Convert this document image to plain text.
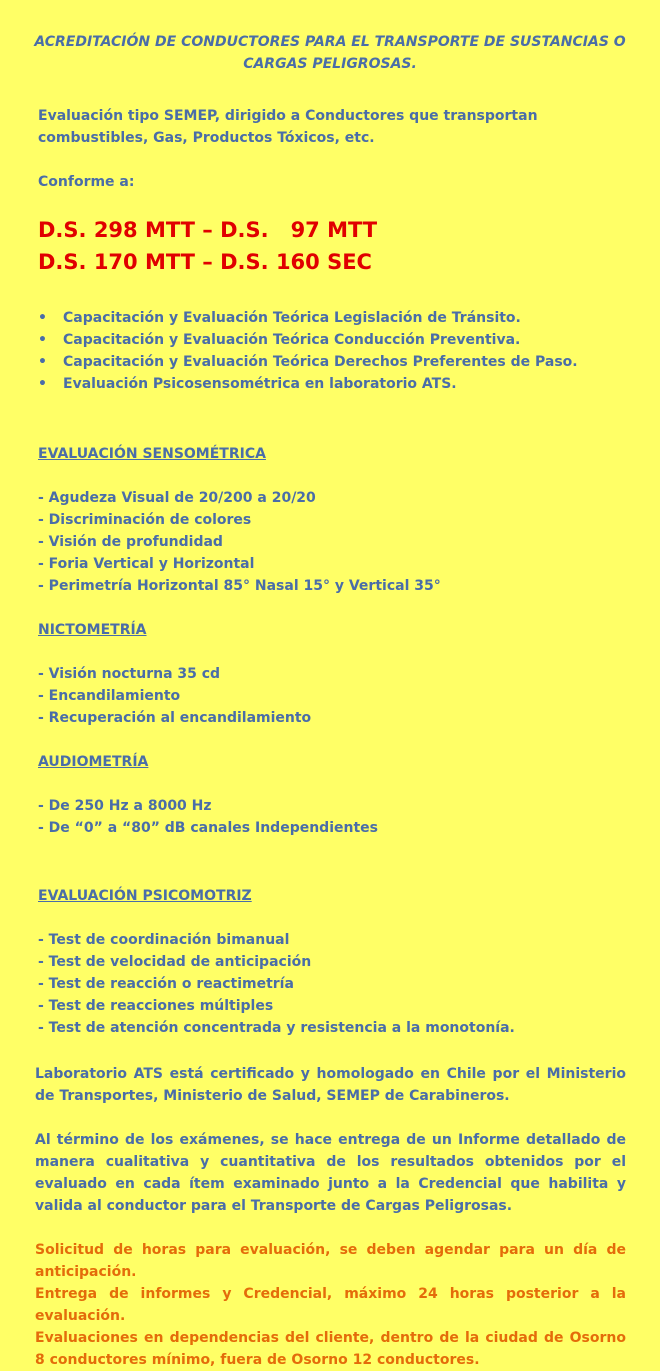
ACREDITACIÓN DE CONDUCTORES PARA EL TRANSPORTE DE SUSTANCIAS O CARGAS PELIGROSAS.
Evaluación tipo SEMEP, dirigido a Conductores que transportan combustibles, Gas, Productos Tóxicos, etc.
Conforme a:
D.S. 298 MTT – D.S.   97 MTT
D.S. 170 MTT – D.S. 160 SEC
• Capacitación y Evaluación Teórica Legislación de Tránsito.
• Capacitación y Evaluación Teórica Conducción Preventiva.
• Capacitación y Evaluación Teórica Derechos Preferentes de Paso.
• Evaluación Psicosensométrica en laboratorio ATS.
EVALUACIÓN SENSOMÉTRICA
- Agudeza Visual de 20/200 a 20/20
- Discriminación de colores
- Visión de profundidad
- Foria Vertical y Horizontal
- Perimetría Horizontal 85° Nasal 15° y Vertical 35°
NICTOMETRÍA
- Visión nocturna 35 cd
- Encandilamiento
- Recuperación al encandilamiento
AUDIOMETRÍA
- De 250 Hz a 8000 Hz
- De “0” a “80” dB canales Independientes
EVALUACIÓN PSICOMOTRIZ
- Test de coordinación bimanual
- Test de velocidad de anticipación
- Test de reacción o reactimetría
- Test de reacciones múltiples
- Test de atención concentrada y resistencia a la monotonía.
Laboratorio ATS está certificado y homologado en Chile por el Ministerio de Transportes, Ministerio de Salud, SEMEP de Carabineros.
Al término de los exámenes, se hace entrega de un Informe detallado de manera cualitativa y cuantitativa de los resultados obtenidos por el evaluado en cada ítem examinado junto a la Credencial que habilita y valida al conductor para el Transporte de Cargas Peligrosas.
Solicitud de horas para evaluación, se deben agendar para un día de anticipación.
Entrega de informes y Credencial, máximo 24 horas posterior a la evaluación.
Evaluaciones en dependencias del cliente, dentro de la ciudad de Osorno 8 conductores mínimo, fuera de Osorno 12 conductores.
